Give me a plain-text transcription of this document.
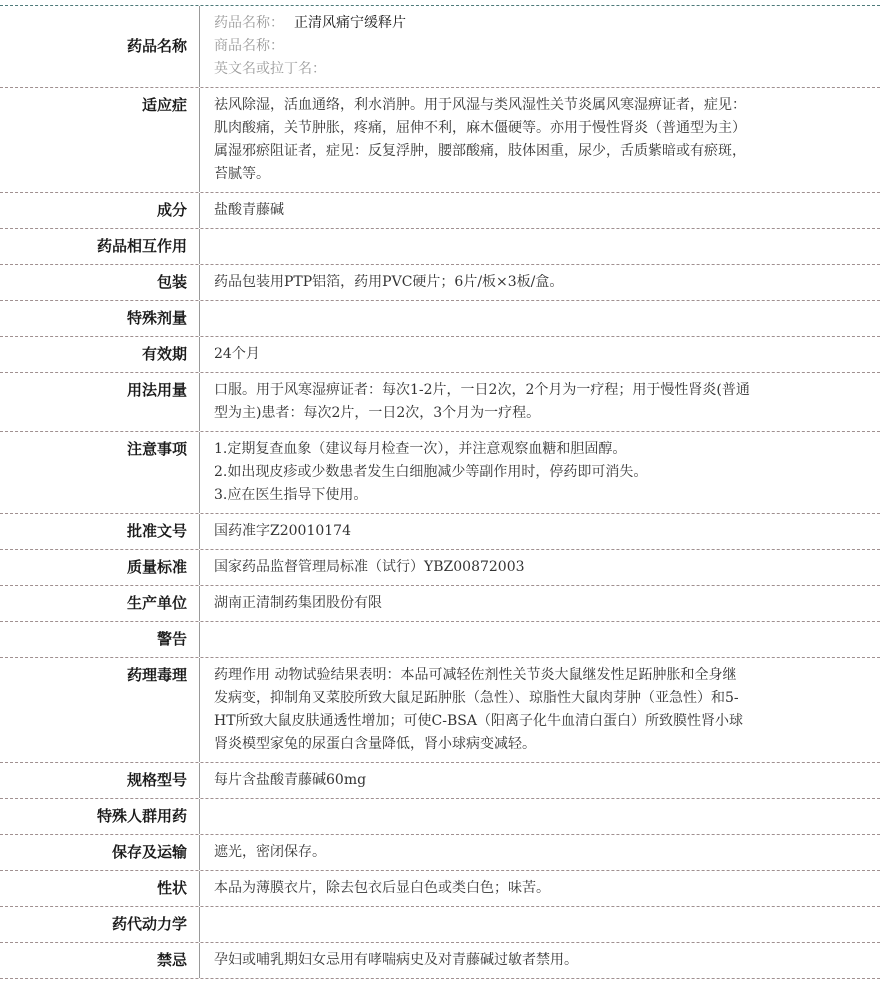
药品名称
药品名称： 正清风痛宁缓释片
商品名称：
英文名或拉丁名：
适应症	祛风除湿，活血通络，利水消肿。用于风湿与类风湿性关节炎属风寒湿痹证者，症见：肌肉酸痛，关节肿胀，疼痛，屈伸不利，麻木僵硬等。亦用于慢性肾炎（普通型为主）属湿邪瘀阻证者，症见：反复浮肿，腰部酸痛，肢体困重，尿少，舌质紫暗或有瘀斑，苔腻等。
成分	盐酸青藤碱
药品相互作用
包装	药品包装用PTP铝箔，药用PVC硬片；6片/板×3板/盒。
特殊剂量
有效期	24个月
用法用量	口服。用于风寒湿痹证者：每次1-2片，一日2次，2个月为一疗程；用于慢性肾炎(普通型为主)患者：每次2片，一日2次，3个月为一疗程。
注意事项	1.定期复查血象（建议每月检查一次），并注意观察血糖和胆固醇。
2.如出现皮疹或少数患者发生白细胞减少等副作用时，停药即可消失。
3.应在医生指导下使用。
批准文号	国药准字Z20010174
质量标准	国家药品监督管理局标准（试行）YBZ00872003
生产单位	湖南正清制药集团股份有限
警告
药理毒理	药理作用 动物试验结果表明：本品可减轻佐剂性关节炎大鼠继发性足跖肿胀和全身继发病变，抑制角叉菜胶所致大鼠足跖肿胀（急性）、琼脂性大鼠肉芽肿（亚急性）和5-HT所致大鼠皮肤通透性增加；可使C-BSA（阳离子化牛血清白蛋白）所致膜性肾小球肾炎模型家兔的尿蛋白含量降低，肾小球病变减轻。
规格型号	每片含盐酸青藤碱60mg
特殊人群用药
保存及运输	遮光，密闭保存。
性状	本品为薄膜衣片，除去包衣后显白色或类白色；味苦。
药代动力学
禁忌	孕妇或哺乳期妇女忌用有哮喘病史及对青藤碱过敏者禁用。
